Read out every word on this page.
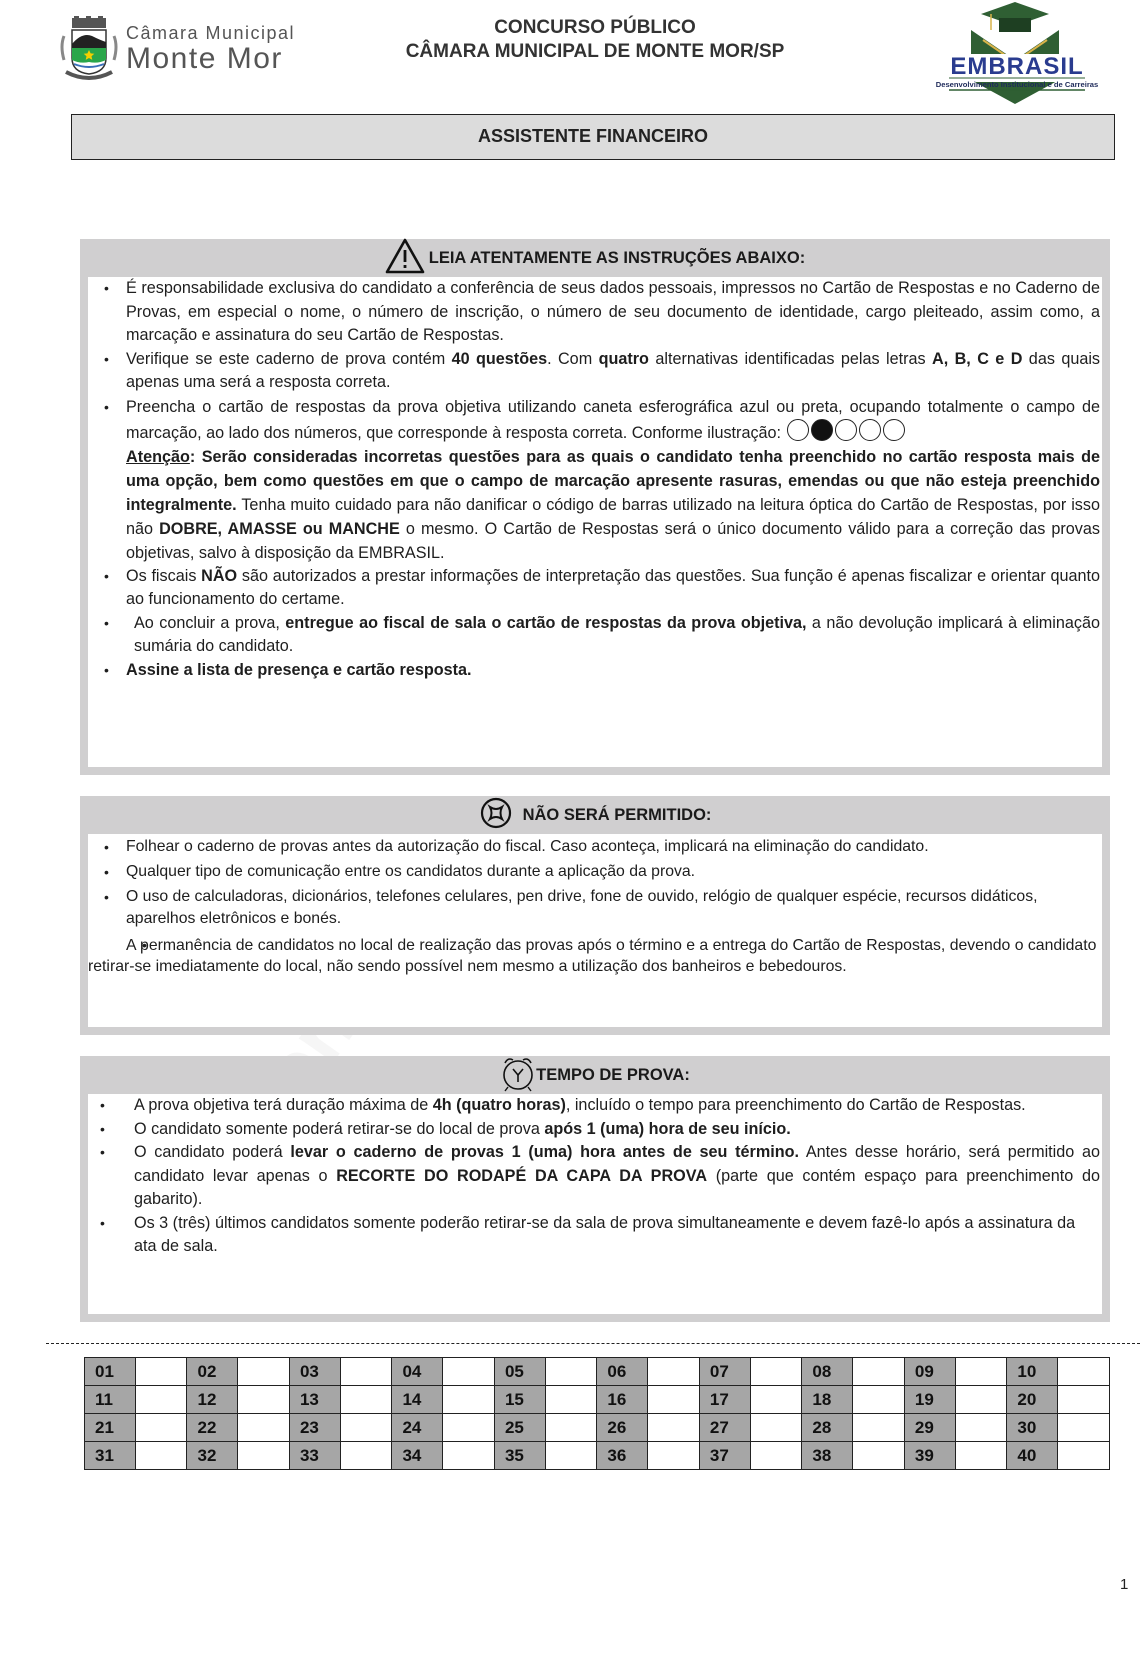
Câmara Municipal
Monte Mor
CONCURSO PÚBLICO
CÂMARA MUNICIPAL DE MONTE MOR/SP
EMBRASIL
Desenvolvimento Institucional e de Carreiras
ASSISTENTE FINANCEIRO
LEIA ATENTAMENTE AS INSTRUÇÕES ABAIXO:
• É responsabilidade exclusiva do candidato a conferência de seus dados pessoais, impressos no Cartão de Respostas e no Caderno de Provas, em especial o nome, o número de inscrição, o número de seu documento de identidade, cargo pleiteado, assim como, a marcação e assinatura do seu Cartão de Respostas.
• Verifique se este caderno de prova contém 40 questões. Com quatro alternativas identificadas pelas letras A, B, C e D das quais apenas uma será a resposta correta.
• Preencha o cartão de respostas da prova objetiva utilizando caneta esferográfica azul ou preta, ocupando totalmente o campo de marcação, ao lado dos números, que corresponde à resposta correta. Conforme ilustração:

Atenção: Serão consideradas incorretas questões para as quais o candidato tenha preenchido no cartão resposta mais de uma opção, bem como questões em que o campo de marcação apresente rasuras, emendas ou que não esteja preenchido integralmente. Tenha muito cuidado para não danificar o código de barras utilizado na leitura óptica do Cartão de Respostas, por isso não DOBRE, AMASSE ou MANCHE o mesmo. O Cartão de Respostas será o único documento válido para a correção das provas objetivas, salvo à disposição da EMBRASIL.
• Os fiscais NÃO são autorizados a prestar informações de interpretação das questões. Sua função é apenas fiscalizar e orientar quanto ao funcionamento do certame.
• Ao concluir a prova, entregue ao fiscal de sala o cartão de respostas da prova objetiva, a não devolução implicará à eliminação sumária do candidato.
• Assine a lista de presença e cartão resposta.
NÃO SERÁ PERMITIDO:
• Folhear o caderno de provas antes da autorização do fiscal. Caso aconteça, implicará na eliminação do candidato.
• Qualquer tipo de comunicação entre os candidatos durante a aplicação da prova.
• O uso de calculadoras, dicionários, telefones celulares, pen drive, fone de ouvido, relógio de qualquer espécie, recursos didáticos, aparelhos eletrônicos e bonés.
• A permanência de candidatos no local de realização das provas após o término e a entrega do Cartão de Respostas, devendo o candidato retirar-se imediatamente do local, não sendo possível nem mesmo a utilização dos banheiros e bebedouros.
TEMPO DE PROVA:
• A prova objetiva terá duração máxima de 4h (quatro horas), incluído o tempo para preenchimento do Cartão de Respostas.
• O candidato somente poderá retirar-se do local de prova após 1 (uma) hora de seu início.
• O candidato poderá levar o caderno de provas 1 (uma) hora antes de seu término. Antes desse horário, será permitido ao candidato levar apenas o RECORTE DO RODAPÉ DA CAPA DA PROVA (parte que contém espaço para preenchimento do gabarito).
• Os 3 (três) últimos candidatos somente poderão retirar-se da sala de prova simultaneamente e devem fazê-lo após a assinatura da ata de sala.
01		02		03		04		05		06		07		08		09		10	
11		12		13		14		15		16		17		18		19		20	
21		22		23		24		25		26		27		28		29		30	
31		32		33		34		35		36		37		38		39		40	
1
